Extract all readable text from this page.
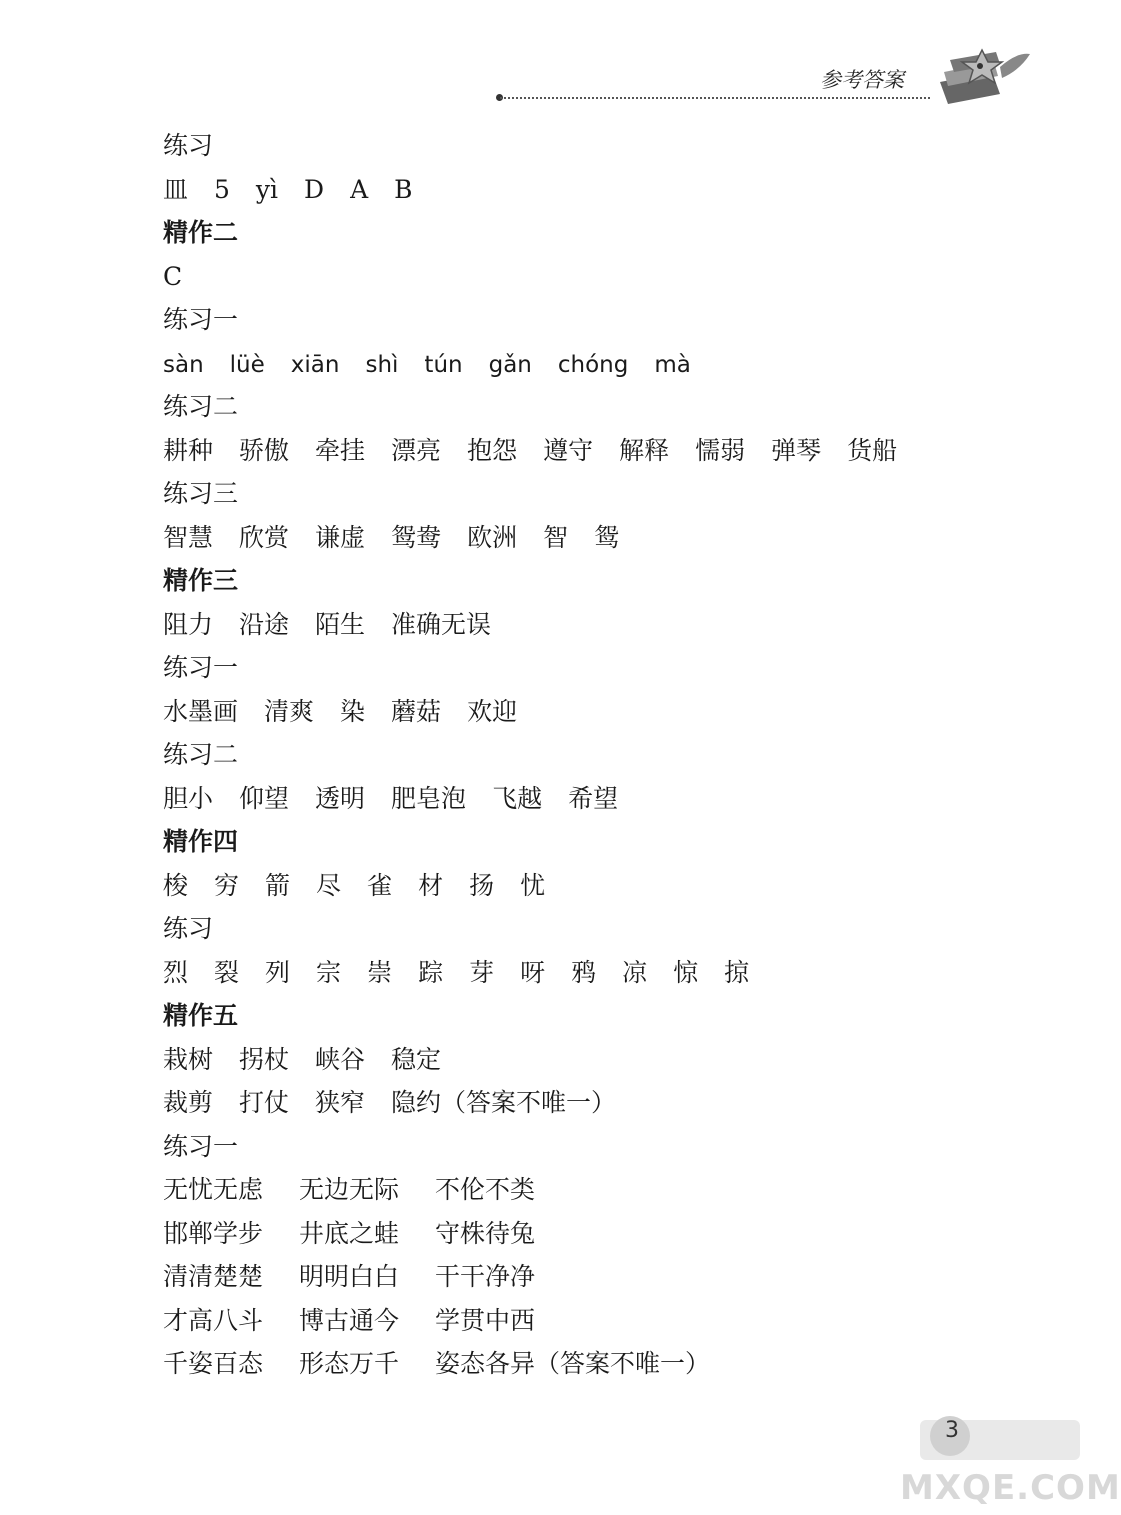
参考答案
练习
皿 5 yì D A B
精作二
C
练习一
sàn lüè xiān shì tún gǎn chóng mà
练习二
耕种 骄傲 牵挂 漂亮 抱怨 遵守 解释 懦弱 弹琴 货船
练习三
智慧 欣赏 谦虚 鸳鸯 欧洲 智 鸳
精作三
阻力 沿途 陌生 准确无误
练习一
水墨画 清爽 染 蘑菇 欢迎
练习二
胆小 仰望 透明 肥皂泡 飞越 希望
精作四
梭 穷 箭 尽 雀 材 扬 忧
练习
烈 裂 列 宗 崇 踪 芽 呀 鸦 凉 惊 掠
精作五
栽树 拐杖 峡谷 稳定
裁剪 打仗 狭窄 隐约（答案不唯一）
练习一
无忧无虑 无边无际 不伦不类
邯郸学步 井底之蛙 守株待兔
清清楚楚 明明白白 干干净净
才高八斗 博古通今 学贯中西
千姿百态 形态万千 姿态各异（答案不唯一）
3
MXQE.COM
